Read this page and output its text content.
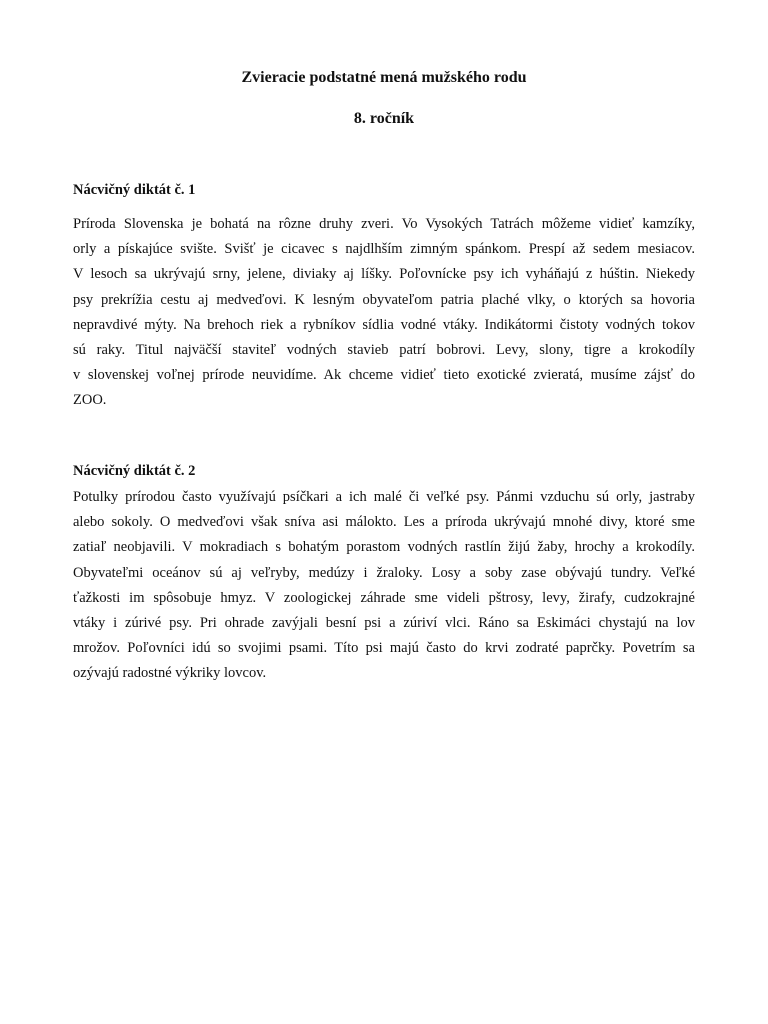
Zvieracie podstatné mená mužského rodu
8. ročník
Nácvičný diktát č. 1
Príroda Slovenska je bohatá na rôzne druhy zveri. Vo Vysokých Tatrách môžeme vidieť kamzíky,
orly a pískajúce svište. Svišť je cicavec s najdlhším zimným spánkom. Prespí až sedem mesiacov.
V lesoch sa ukrývajú srny, jelene, diviaky aj líšky. Poľovnícke psy ich vyháňajú z húštin. Niekedy
psy prekrížia cestu aj medveďovi. K lesným obyvateľom patria plaché vlky, o ktorých sa hovoria
nepravdivé mýty. Na brehoch riek a rybníkov sídlia vodné vtáky. Indikátormi čistoty vodných tokov
sú raky. Titul najväčší staviteľ vodných stavieb patrí bobrovi. Levy, slony, tigre a krokodíly
v slovenskej voľnej prírode neuvidíme. Ak chceme vidieť tieto exotické zvieratá, musíme zájsť do
ZOO.
Nácvičný diktát č. 2
Potulky prírodou často využívajú psíčkari a ich malé či veľké psy. Pánmi vzduchu sú orly, jastraby
alebo sokoly. O medveďovi však sníva asi málokto. Les a príroda ukrývajú mnohé divy, ktoré sme
zatiaľ neobjavili. V mokradiach s bohatým porastom vodných rastlín žijú žaby, hrochy a krokodíly.
Obyvateľmi oceánov sú aj veľryby, medúzy i žraloky. Losy a soby zase obývajú tundry. Veľké
ťažkosti im spôsobuje hmyz. V zoologickej záhrade sme videli pštrosy, levy, žirafy, cudzokrajné
vtáky i zúrivé psy. Pri ohrade zavýjali besní psi a zúriví vlci. Ráno sa Eskimáci chystajú na lov
mrožov. Poľovníci idú so svojimi psami. Títo psi majú často do krvi zodraté paprčky. Povetrím sa
ozývajú radostné výkriky lovcov.
